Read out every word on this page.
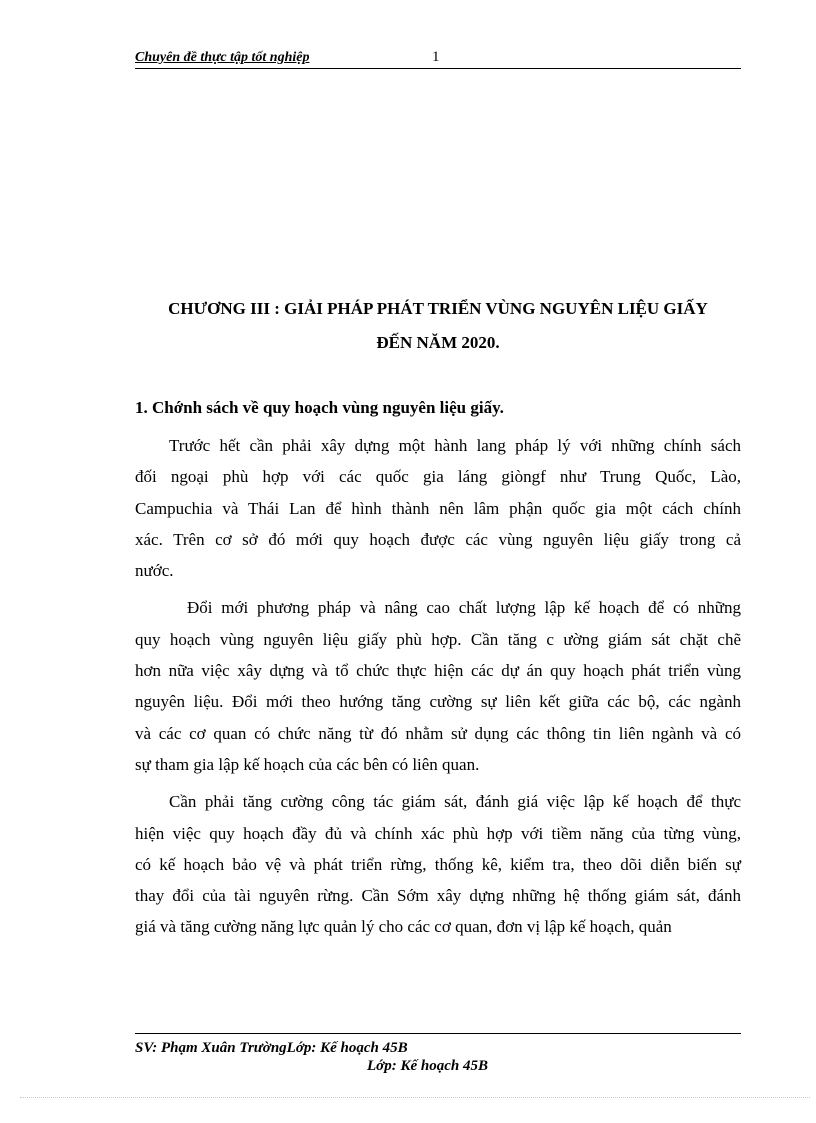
Chuyên đề thực tập tốt nghiệp	1
CHƯƠNG III : GIẢI PHÁP PHÁT TRIỂN VÙNG NGUYÊN LIỆU GIẤY
ĐẾN NĂM 2020.
1. Chớnh sách về quy hoạch vùng nguyên liệu giấy.
Trước hết cần phải xây dựng một hành lang pháp lý với những chính sách
đối ngoại phù hợp với các quốc gia láng giòngf như Trung Quốc, Lào,
Campuchia và Thái Lan để hình thành nên lâm phận quốc gia một cách chính
xác. Trên cơ sở đó mới quy hoạch được các vùng nguyên liệu giấy trong cả
nước.
Đổi mới phương pháp và nâng cao chất lượng lập kế hoạch để có những
quy hoạch vùng nguyên liệu giấy phù hợp. Cần tăng c ường giám sát chặt chẽ
hơn nữa việc xây dựng và tổ chức thực hiện các dự án quy hoạch phát triển vùng
nguyên liệu. Đổi mới theo hướng tăng cường sự liên kết giữa các bộ, các ngành
và các cơ quan có chức năng từ đó nhằm sử dụng các thông tin liên ngành và có
sự tham gia lập kế hoạch của các bên có liên quan.
Cần phải tăng cường công tác giám sát, đánh giá việc lập kế hoạch để thực
hiện việc quy hoạch đầy đủ và chính xác phù hợp với tiềm năng của từng vùng,
có kế hoạch bảo vệ và phát triển rừng, thống kê, kiểm tra, theo dõi diễn biến sự
thay đổi của tài nguyên rừng. Cần Sớm xây dựng những hệ thống giám sát, đánh
giá và tăng cường năng lực quản lý cho các cơ quan, đơn vị lập kế hoạch, quản
SV: Phạm Xuân TrườngLớp: Kế hoạch 45B
Lớp: Kế hoạch 45B
